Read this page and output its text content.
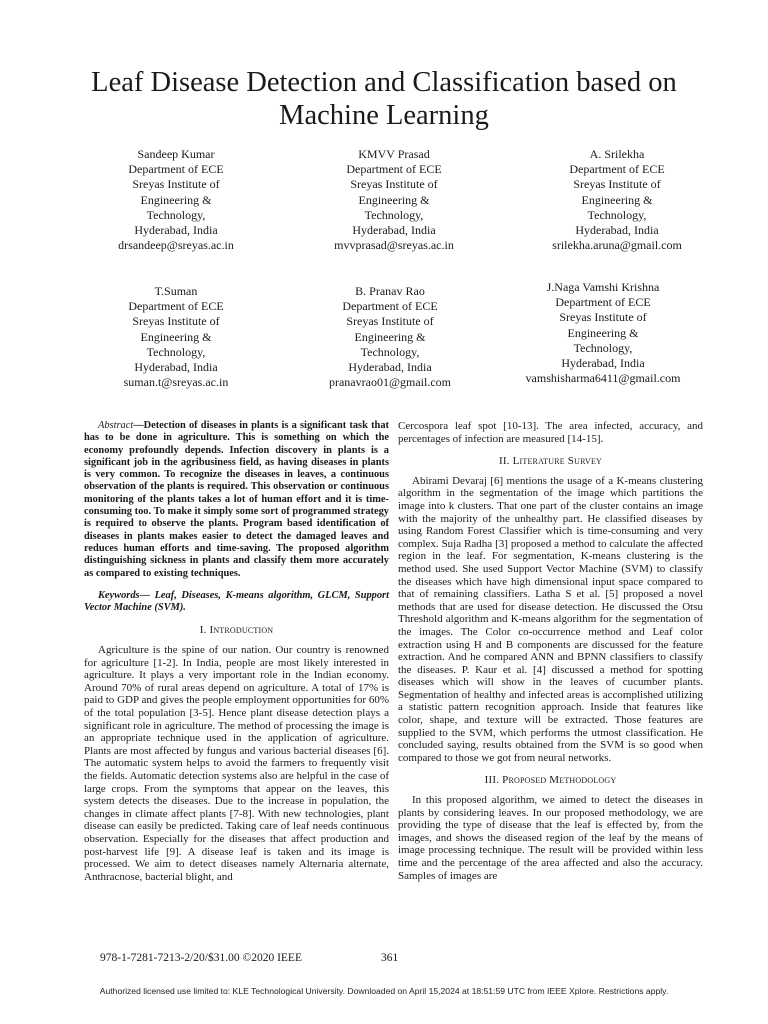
Leaf Disease Detection and Classification based on Machine Learning
Sandeep Kumar
Department of ECE
Sreyas Institute of
Engineering &
Technology,
Hyderabad, India
drsandeep@sreyas.ac.in
KMVV Prasad
Department of ECE
Sreyas Institute of
Engineering &
Technology,
Hyderabad, India
mvvprasad@sreyas.ac.in
A. Srilekha
Department of ECE
Sreyas Institute of
Engineering &
Technology,
Hyderabad, India
srilekha.aruna@gmail.com
T.Suman
Department of ECE
Sreyas Institute of
Engineering &
Technology,
Hyderabad, India
suman.t@sreyas.ac.in
B. Pranav Rao
Department of ECE
Sreyas Institute of
Engineering &
Technology,
Hyderabad, India
pranavrao01@gmail.com
J.Naga Vamshi Krishna
Department of ECE
Sreyas Institute of
Engineering &
Technology,
Hyderabad, India
vamshisharma6411@gmail.com

Abstract—Detection of diseases in plants is a significant task that has to be done in agriculture. This is something on which the economy profoundly depends. Infection discovery in plants is a significant job in the agribusiness field, as having diseases in plants is very common. To recognize the diseases in leaves, a continuous observation of the plants is required. This observation or continuous monitoring of the plants takes a lot of human effort and it is time-consuming too. To make it simply some sort of programmed strategy is required to observe the plants. Program based identification of diseases in plants makes easier to detect the damaged leaves and reduces human efforts and time-saving. The proposed algorithm distinguishing sickness in plants and classify them more accurately as compared to existing techniques.

Keywords— Leaf, Diseases, K-means algorithm, GLCM, Support Vector Machine (SVM).

I. Introduction

Agriculture is the spine of our nation. Our country is renowned for agriculture [1-2]. In India, people are most likely interested in agriculture. It plays a very important role in the Indian economy. Around 70% of rural areas depend on agriculture. A total of 17% is paid to GDP and gives the people employment opportunities for 60% of the total population [3-5]. Hence plant disease detection plays a significant role in agriculture. The method of processing the image is an appropriate technique used in the application of agriculture. Plants are most affected by fungus and various bacterial diseases [6]. The automatic system helps to avoid the farmers to frequently visit the fields. Automatic detection systems also are helpful in the case of large crops. From the symptoms that appear on the leaves, this system detects the diseases. Due to the increase in population, the changes in climate affect plants [7-8]. With new technologies, plant disease can easily be predicted. Taking care of leaf needs continuous observation. Especially for the diseases that affect production and post-harvest life [9]. A disease leaf is taken and its image is processed. We aim to detect diseases namely Alternaria alternate, Anthracnose, bacterial blight, and

Cercospora leaf spot [10-13]. The area infected, accuracy, and percentages of infection are measured [14-15].

II. Literature Survey

Abirami Devaraj [6] mentions the usage of a K-means clustering algorithm in the segmentation of the image which partitions the image into k clusters. That one part of the cluster contains an image with the majority of the unhealthy part. He classified diseases by using Random Forest Classifier which is time-consuming and very complex. Suja Radha [3] proposed a method to calculate the affected region in the leaf. For segmentation, K-means clustering is the method used. She used Support Vector Machine (SVM) to classify the diseases which have high dimensional input space compared to that of remaining classifiers. Latha S et al. [5] proposed a novel methods that are used for disease detection. He discussed the Otsu Threshold algorithm and K-means algorithm for the segmentation of the images. The Color co-occurrence method and Leaf color extraction using H and B components are discussed for the feature extraction. And he compared ANN and BPNN classifiers to classify the diseases. P. Kaur et al. [4] discussed a method for spotting diseases which will show in the leaves of cucumber plants. Segmentation of healthy and infected areas is accomplished utilizing a statistic pattern recognition approach. Inside that features like color, shape, and texture will be extracted. Those features are supplied to the SVM, which performs the utmost classification. He concluded saying, results obtained from the SVM is so good when compared to those we got from neural networks.

III. Proposed Methodology

In this proposed algorithm, we aimed to detect the diseases in plants by considering leaves. In our proposed methodology, we are providing the type of disease that the leaf is effected by, from the images, and shows the diseased region of the leaf by the means of image processing technique. The result will be provided within less time and the percentage of the area affected and also the accuracy. Samples of images are

978-1-7281-7213-2/20/$31.00 ©2020 IEEE	361
Authorized licensed use limited to: KLE Technological University. Downloaded on April 15,2024 at 18:51:59 UTC from IEEE Xplore. Restrictions apply.
